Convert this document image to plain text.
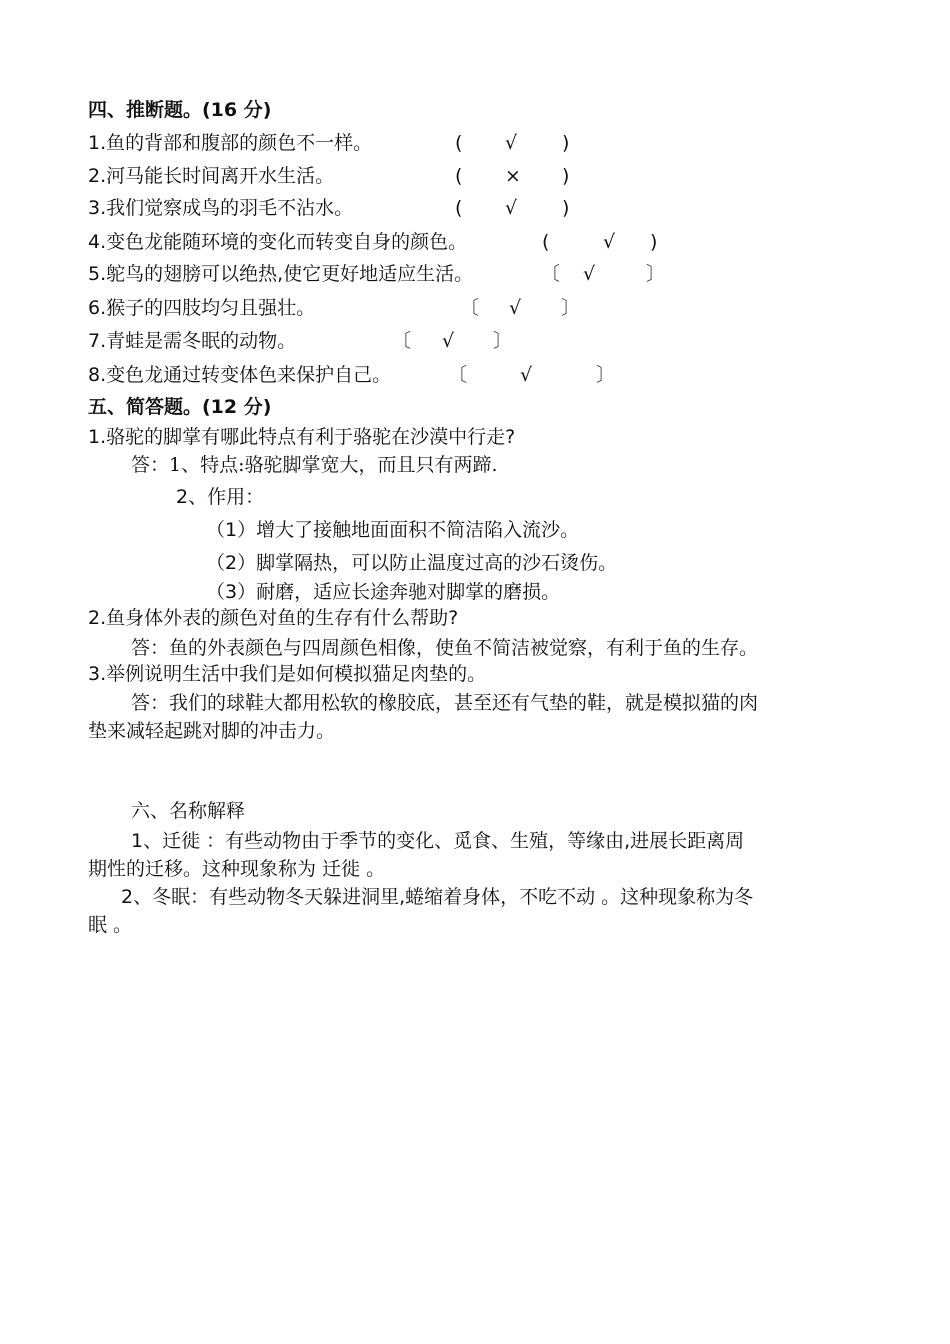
四、推断题。(16 分)
1.鱼的背部和腹部的颜色不一样。	( √ )
2.河马能长时间离开水生活。	( × )
3.我们觉察成鸟的羽毛不沾水。	( √ )
4.变色龙能随环境的变化而转变自身的颜色。	(	√ )
5.鸵鸟的翅膀可以绝热,使它更好地适应生活。	〔 √	〕
6.猴子的四肢均匀且强壮。	〔 √ 〕
7.青蛙是需冬眠的动物。	〔 √ 〕
8.变色龙通过转变体色来保护自己。	〔	√	〕
五、简答题。(12 分)
1.骆驼的脚掌有哪此特点有利于骆驼在沙漠中行走?
答：1、特点:骆驼脚掌宽大，而且只有两蹄.
2、作用：
（1）增大了接触地面面积不简洁陷入流沙。
（2）脚掌隔热，可以防止温度过高的沙石烫伤。
（3）耐磨，适应长途奔驰对脚掌的磨损。
2.鱼身体外表的颜色对鱼的生存有什么帮助?
答：鱼的外表颜色与四周颜色相像，使鱼不简洁被觉察，有利于鱼的生存。
3.举例说明生活中我们是如何模拟猫足肉垫的。
答：我们的球鞋大都用松软的橡胶底，甚至还有气垫的鞋，就是模拟猫的肉
垫来减轻起跳对脚的冲击力。
六、名称解释
1、迁徙 ：有些动物由于季节的变化、觅食、生殖，等缘由,进展长距离周
期性的迁移。这种现象称为 迁徙 。
2、冬眠：有些动物冬天躲进洞里,蜷缩着身体，不吃不动 。这种现象称为冬
眠 。
